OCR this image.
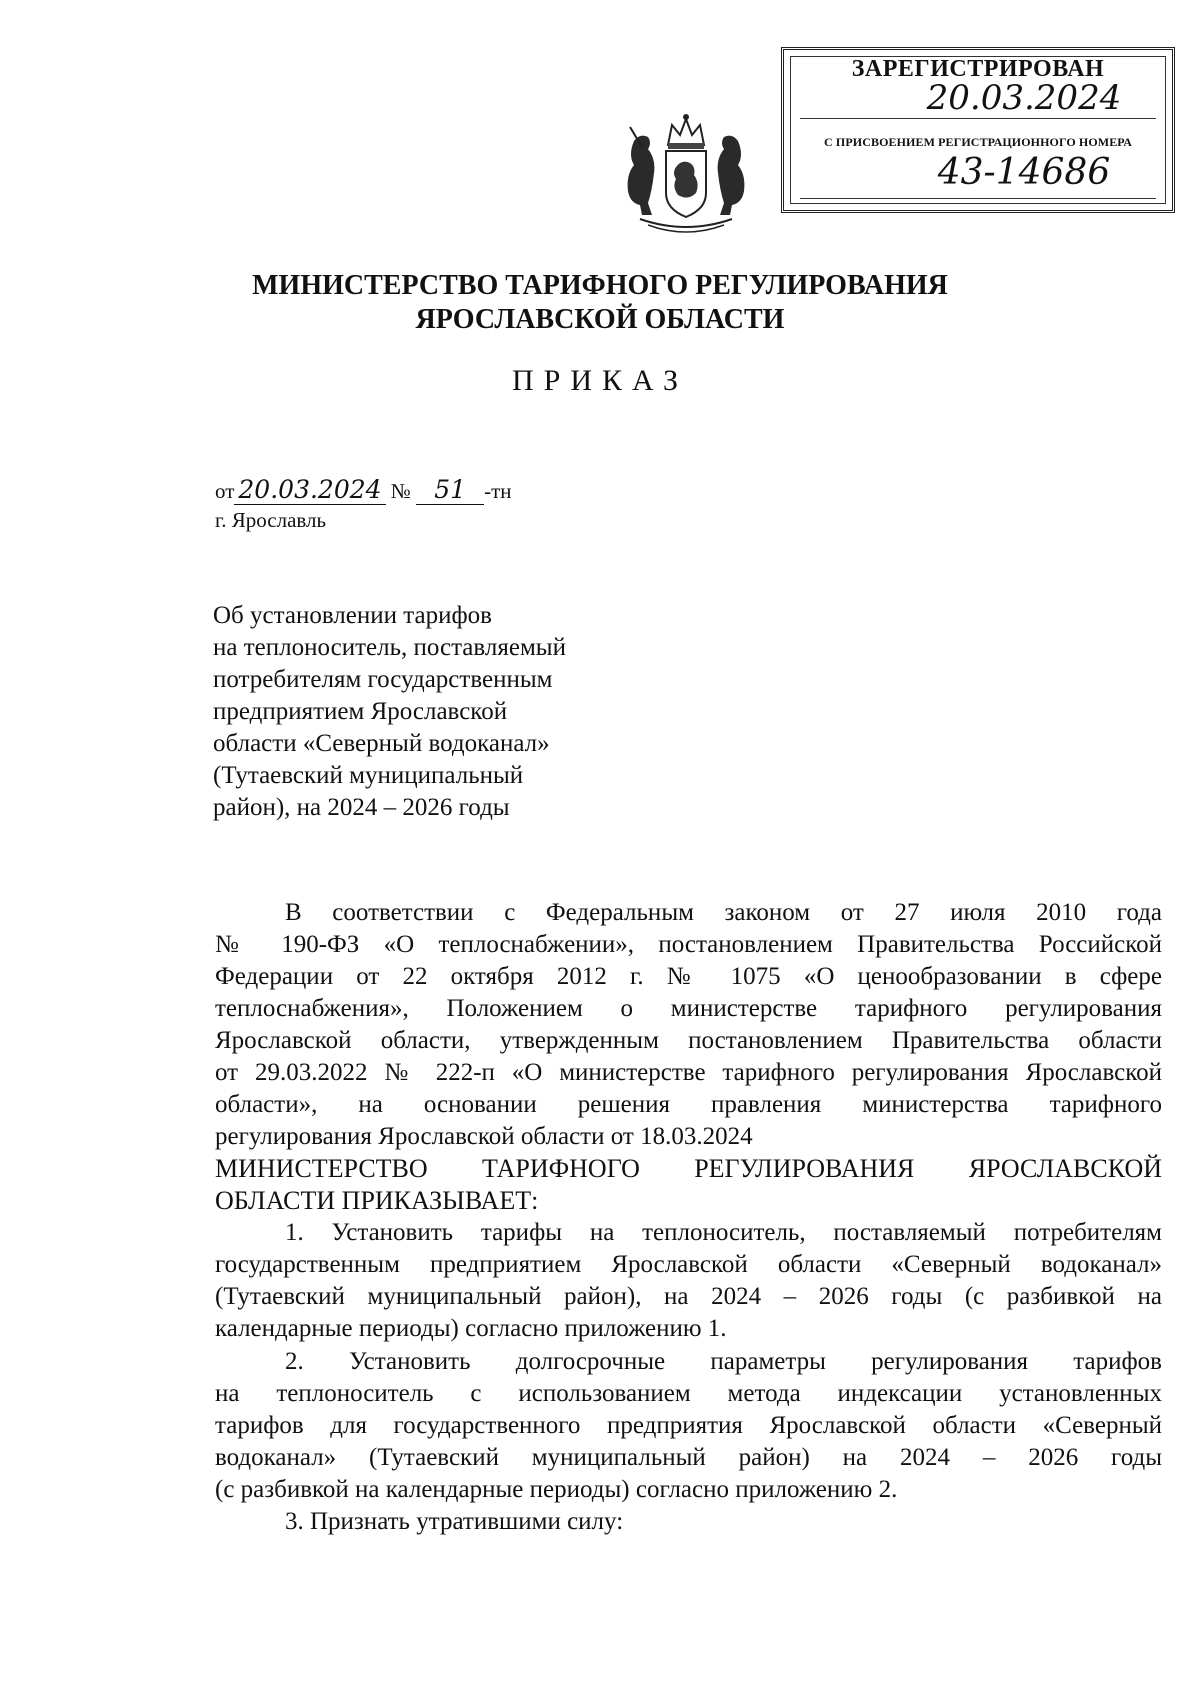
ЗАРЕГИСТРИРОВАН
20.03.2024
С ПРИСВОЕНИЕМ РЕГИСТРАЦИОННОГО НОМЕРА
43-14686
МИНИСТЕРСТВО ТАРИФНОГО РЕГУЛИРОВАНИЯ
ЯРОСЛАВСКОЙ ОБЛАСТИ
ПРИКАЗ
от 20.03.2024 № 51 -тн
г. Ярославль
Об установлении тарифов
на теплоноситель, поставляемый
потребителям государственным
предприятием Ярославской
области «Северный водоканал»
(Тутаевский муниципальный
район), на 2024 – 2026 годы
В соответствии с Федеральным законом от 27 июля 2010 года
№ 190-ФЗ «О теплоснабжении», постановлением Правительства Российской
Федерации от 22 октября 2012 г. № 1075 «О ценообразовании в сфере
теплоснабжения», Положением о министерстве тарифного регулирования
Ярославской области, утвержденным постановлением Правительства области
от 29.03.2022 № 222-п «О министерстве тарифного регулирования Ярославской
области», на основании решения правления министерства тарифного
регулирования Ярославской области от 18.03.2024
МИНИСТЕРСТВО ТАРИФНОГО РЕГУЛИРОВАНИЯ ЯРОСЛАВСКОЙ
ОБЛАСТИ ПРИКАЗЫВАЕТ:
1. Установить тарифы на теплоноситель, поставляемый потребителям
государственным предприятием Ярославской области «Северный водоканал»
(Тутаевский муниципальный район), на 2024 – 2026 годы (с разбивкой на
календарные периоды) согласно приложению 1.
2. Установить долгосрочные параметры регулирования тарифов
на теплоноситель с использованием метода индексации установленных
тарифов для государственного предприятия Ярославской области «Северный
водоканал» (Тутаевский муниципальный район) на 2024 – 2026 годы
(с разбивкой на календарные периоды) согласно приложению 2.
3. Признать утратившими силу:
